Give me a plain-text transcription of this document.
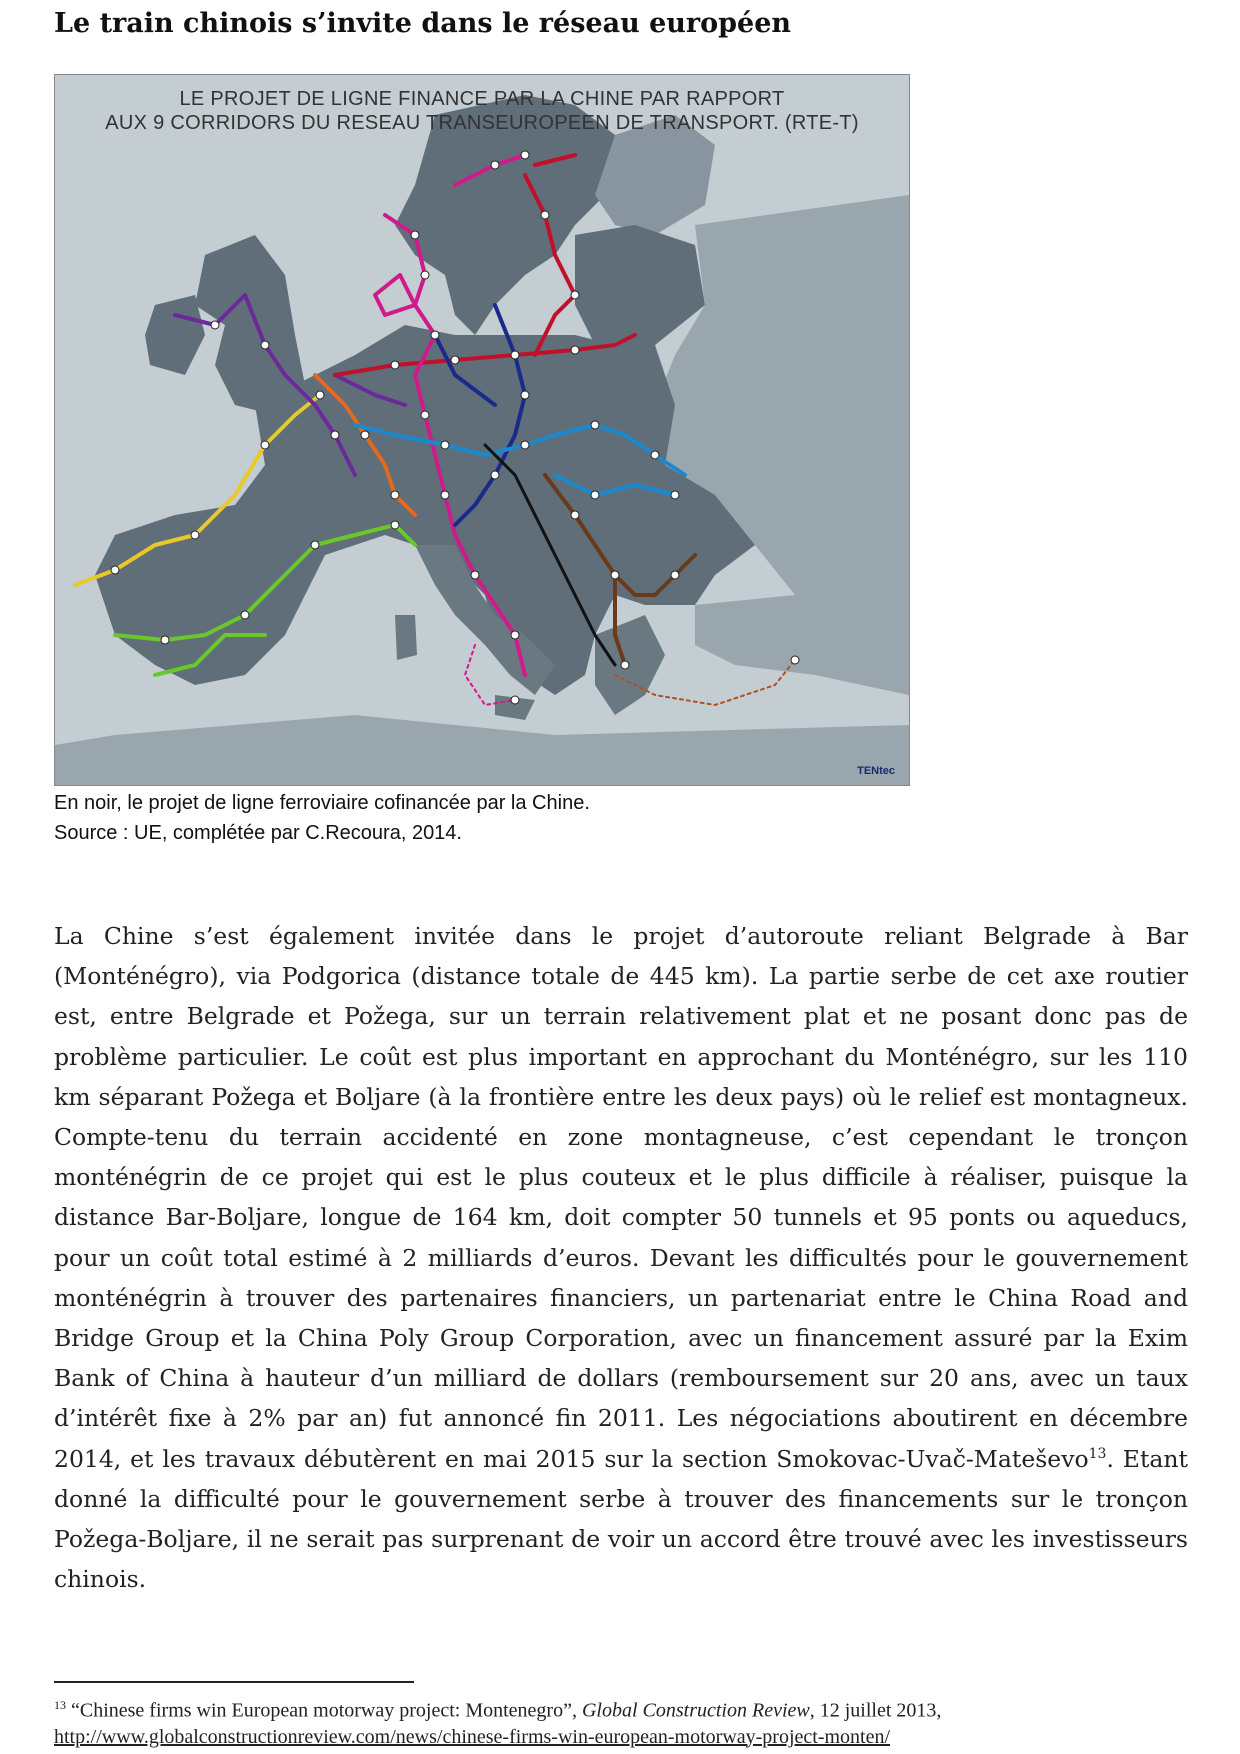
Le train chinois s’invite dans le réseau européen
LE PROJET DE LIGNE FINANCE PAR LA CHINE PAR RAPPORT
AUX 9 CORRIDORS DU RESEAU TRANSEUROPEEN DE TRANSPORT. (RTE-T)
TENtec
En noir, le projet de ligne ferroviaire cofinancée par la Chine.
Source : UE, complétée par C.Recoura, 2014.

La Chine s’est également invitée dans le projet d’autoroute reliant Belgrade à Bar (Monténégro), via Podgorica (distance totale de 445 km). La partie serbe de cet axe routier est, entre Belgrade et Požega, sur un terrain relativement plat et ne posant donc pas de problème particulier. Le coût est plus important en approchant du Monténégro, sur les 110 km séparant Požega et Boljare (à la frontière entre les deux pays) où le relief est montagneux. Compte-tenu du terrain accidenté en zone montagneuse, c’est cependant le tronçon monténégrin de ce projet qui est le plus couteux et le plus difficile à réaliser, puisque la distance Bar-Boljare, longue de 164 km, doit compter 50 tunnels et 95 ponts ou aqueducs, pour un coût total estimé à 2 milliards d’euros. Devant les difficultés pour le gouvernement monténégrin à trouver des partenaires financiers, un partenariat entre le China Road and Bridge Group et la China Poly Group Corporation, avec un financement assuré par la Exim Bank of China à hauteur d’un milliard de dollars (remboursement sur 20 ans, avec un taux d’intérêt fixe à 2% par an) fut annoncé fin 2011. Les négociations aboutirent en décembre 2014, et les travaux débutèrent en mai 2015 sur la section Smokovac-Uvač-Mateševo$^{13}$. Etant donné la difficulté pour le gouvernement serbe à trouver des financements sur le tronçon Požega-Boljare, il ne serait pas surprenant de voir un accord être trouvé avec les investisseurs chinois.

$^{13}$ “Chinese firms win European motorway project: Montenegro”, Global Construction Review, 12 juillet 2013,
http://www.globalconstructionreview.com/news/chinese-firms-win-european-motorway-project-monten/
